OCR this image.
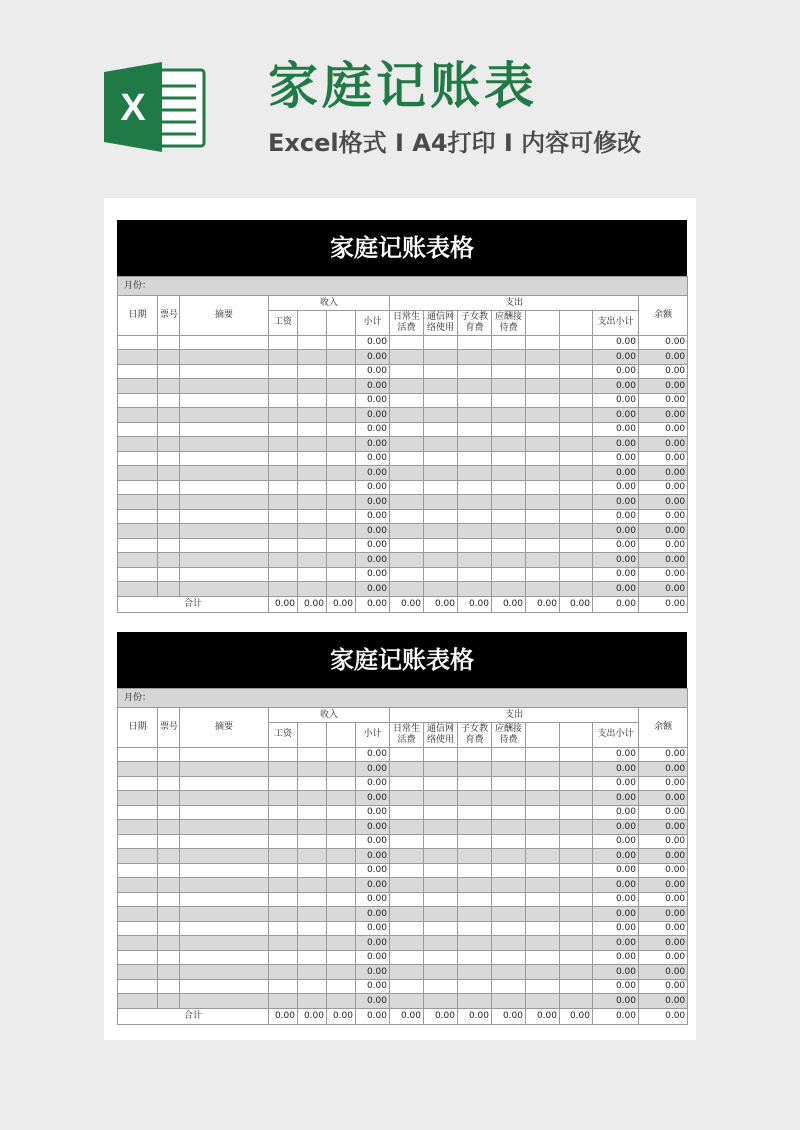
X 家庭记账表

Excel格式 I A4打印 I 内容可修改

家庭记账表格
月份：														
日期	票号	摘要	收入				支出							余额
			工资			小计	日常生活费	通信网络使用	子女教育费	应酬接待费			支出小计	
						0.00							0.00	0.00
						0.00							0.00	0.00
						0.00							0.00	0.00
						0.00							0.00	0.00
						0.00							0.00	0.00
						0.00							0.00	0.00
						0.00							0.00	0.00
						0.00							0.00	0.00
						0.00							0.00	0.00
						0.00							0.00	0.00
						0.00							0.00	0.00
						0.00							0.00	0.00
						0.00							0.00	0.00
						0.00							0.00	0.00
						0.00							0.00	0.00
						0.00							0.00	0.00
						0.00							0.00	0.00
						0.00							0.00	0.00
合计			0.00	0.00	0.00	0.00	0.00	0.00	0.00	0.00	0.00	0.00	0.00	0.00
家庭记账表格
月份：														
日期	票号	摘要	收入				支出							余额
			工资			小计	日常生活费	通信网络使用	子女教育费	应酬接待费			支出小计	
						0.00							0.00	0.00
						0.00							0.00	0.00
						0.00							0.00	0.00
						0.00							0.00	0.00
						0.00							0.00	0.00
						0.00							0.00	0.00
						0.00							0.00	0.00
						0.00							0.00	0.00
						0.00							0.00	0.00
						0.00							0.00	0.00
						0.00							0.00	0.00
						0.00							0.00	0.00
						0.00							0.00	0.00
						0.00							0.00	0.00
						0.00							0.00	0.00
						0.00							0.00	0.00
						0.00							0.00	0.00
						0.00							0.00	0.00
合计			0.00	0.00	0.00	0.00	0.00	0.00	0.00	0.00	0.00	0.00	0.00	0.00
